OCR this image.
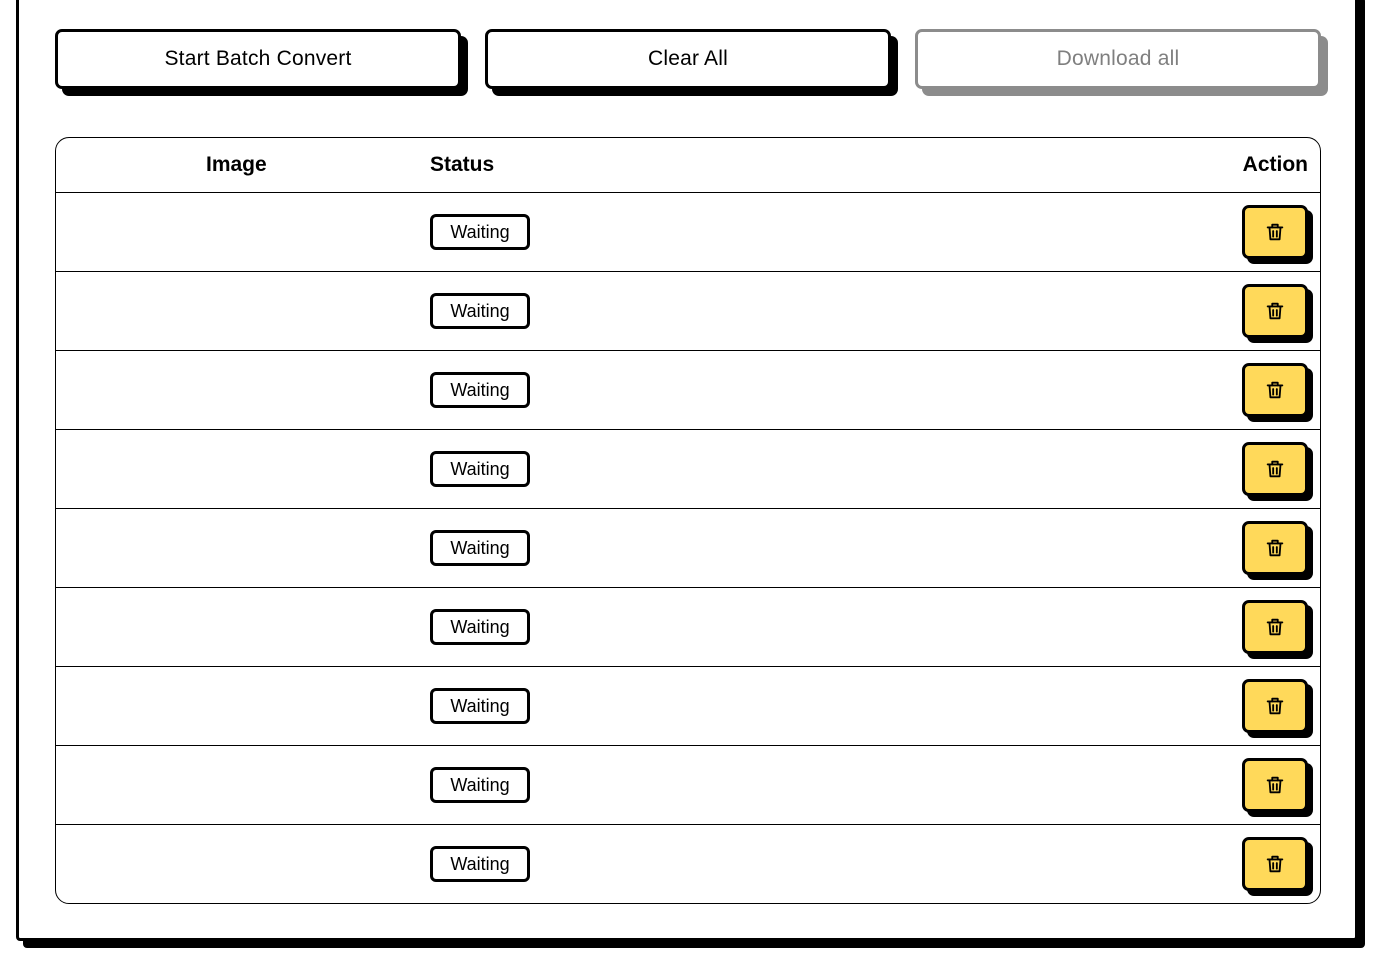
Start Batch Convert	Clear All	Download all
Image	Status	Action
Waiting
Waiting
Waiting
Waiting
Waiting
Waiting
Waiting
Waiting
Waiting
